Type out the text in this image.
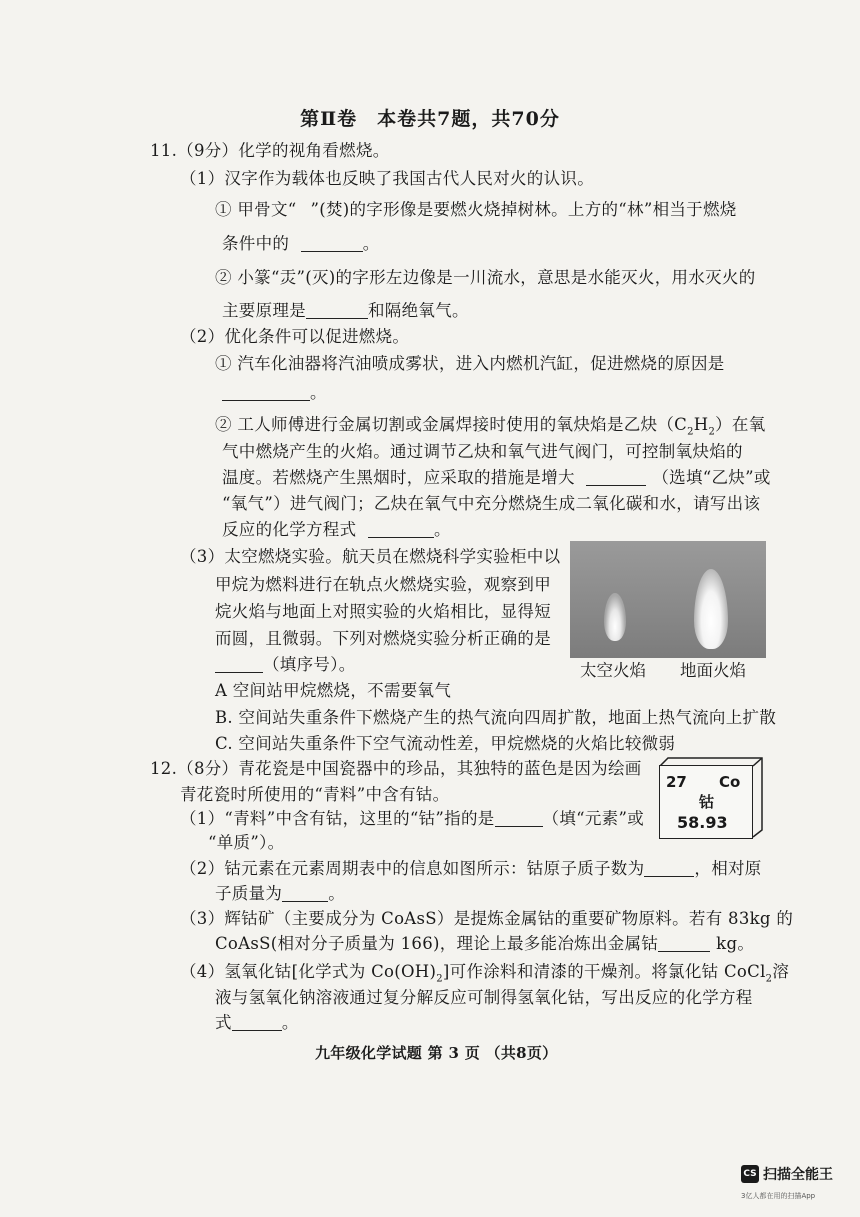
第Ⅱ卷　本卷共7题，共70分
11.（9分）化学的视角看燃烧。
（1）汉字作为载体也反映了我国古代人民对火的认识。
① 甲骨文“ ”(焚)的字形像是要燃火烧掉树林。上方的“林”相当于燃烧
条件中的	。
② 小篆“㶣”(灭)的字形左边像是一川流水，意思是水能灭火，用水灭火的
主要原理是	和隔绝氧气。
（2）优化条件可以促进燃烧。
① 汽车化油器将汽油喷成雾状，进入内燃机汽缸，促进燃烧的原因是
。
② 工人师傅进行金属切割或金属焊接时使用的氧炔焰是乙炔$(C_2H_2)$在氧
气中燃烧产生的火焰。通过调节乙炔和氧气进气阀门，可控制氧炔焰的
温度。若燃烧产生黑烟时，应采取的措施是增大	（选填“乙炔”或
“氧气”）进气阀门；乙炔在氧气中充分燃烧生成二氧化碳和水，请写出该
反应的化学方程式	。
（3）太空燃烧实验。航天员在燃烧科学实验柜中以
甲烷为燃料进行在轨点火燃烧实验，观察到甲
烷火焰与地面上对照实验的火焰相比，显得短
而圆，且微弱。下列对燃烧实验分析正确的是
（填序号）。	太空火焰 地面火焰
A 空间站甲烷燃烧，不需要氧气
B. 空间站失重条件下燃烧产生的热气流向四周扩散，地面上热气流向上扩散
C. 空间站失重条件下空气流动性差，甲烷燃烧的火焰比较微弱
12.（8分）青花瓷是中国瓷器中的珍品，其独特的蓝色是因为绘画
青花瓷时所使用的“青料”中含有钴。
27 Co
钴
58.93
（1）“青料”中含有钴，这里的“钴”指的是	（填“元素”或
“单质”）。
（2）钴元素在元素周期表中的信息如图所示：钴原子质子数为	，相对原
子质量为	。
（3）辉钴矿（主要成分为 CoAsS）是提炼金属钴的重要矿物原料。若有 83kg 的
CoAsS(相对分子质量为 166)，理论上最多能冶炼出金属钴	kg。
（4）氢氧化钴[化学式为 $Co(OH)_2$]可作涂料和清漆的干燥剂。将氯化钴 CoCl$_2$溶
液与氢氧化钠溶液通过复分解反应可制得氢氧化钴，写出反应的化学方程
式	。
九年级化学试题 第 3 页 （共8页）
CS 扫描全能王
3亿人都在用的扫描App
